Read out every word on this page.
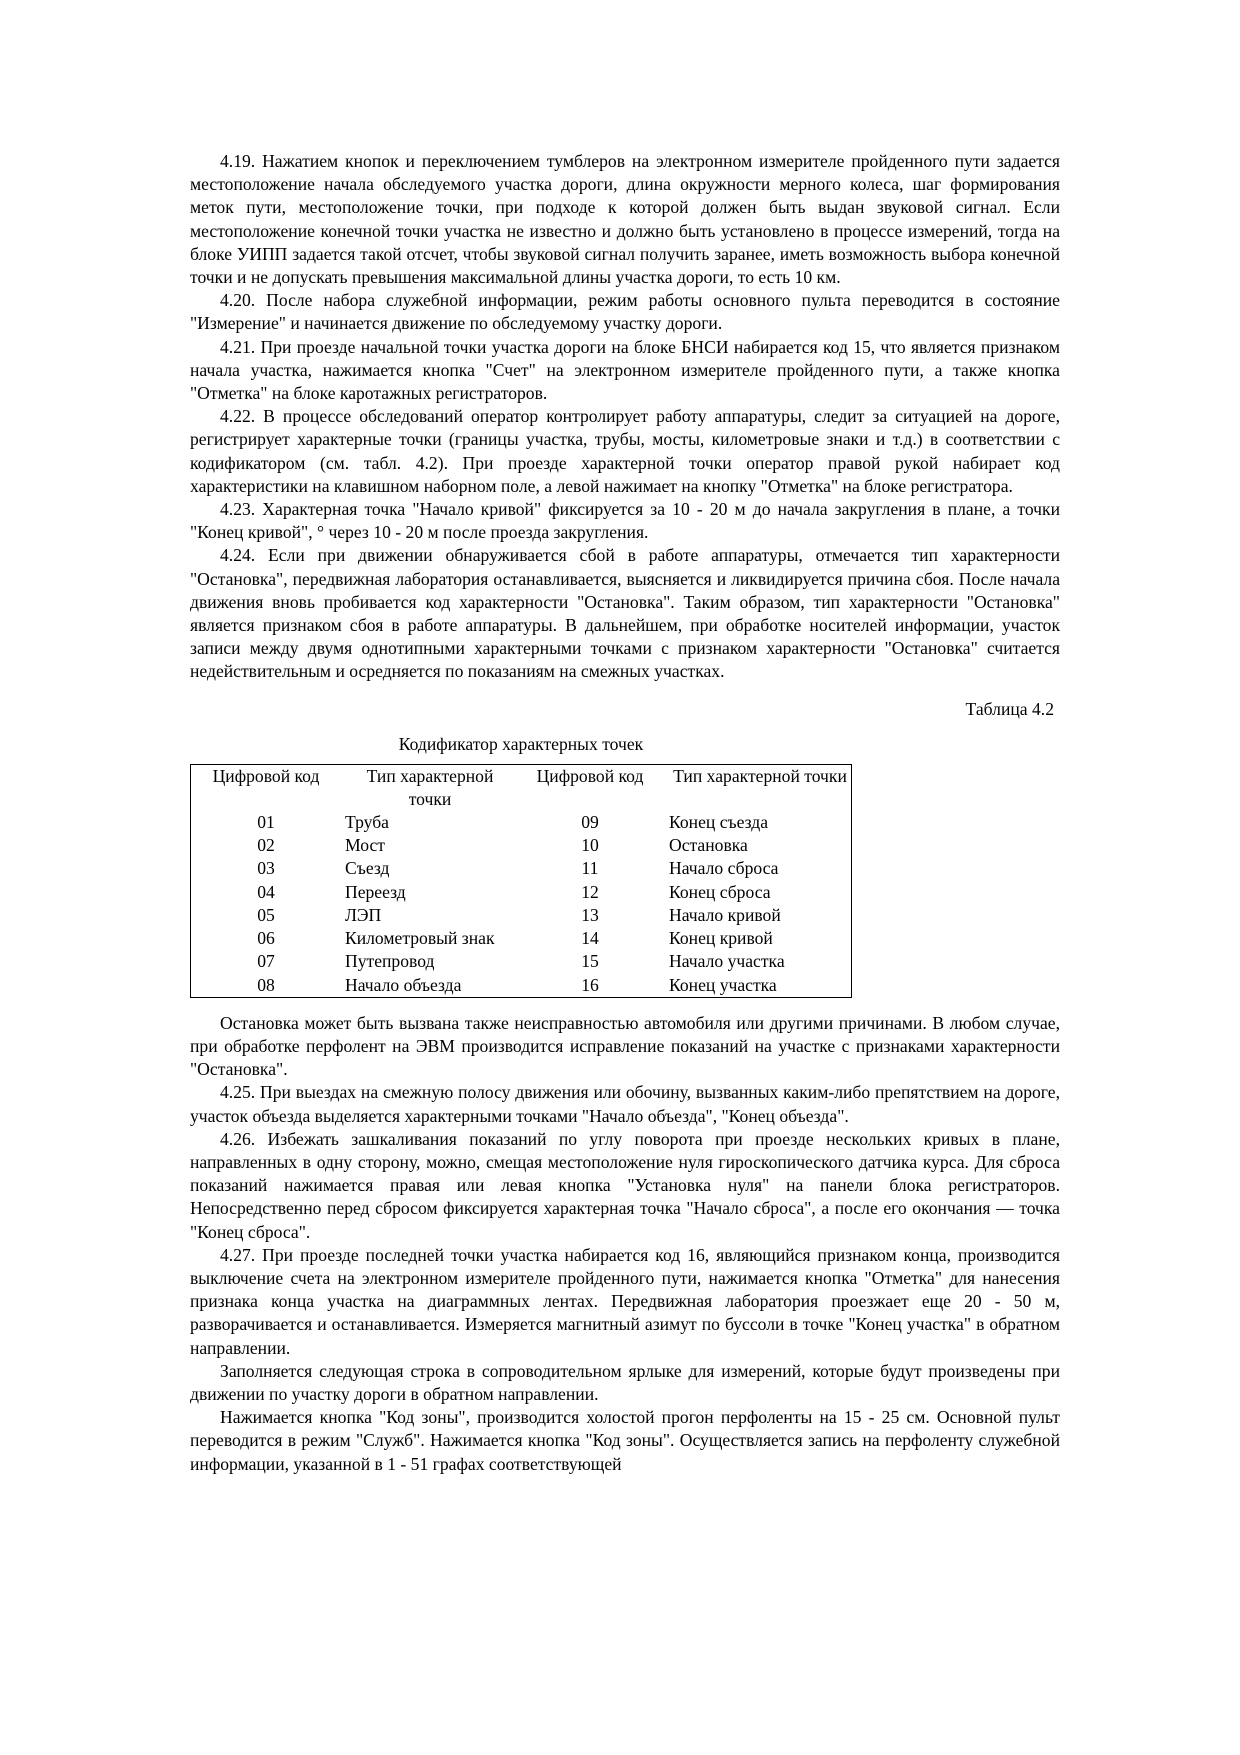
4.19. Нажатием кнопок и переключением тумблеров на электронном измерителе пройденного пути задается местоположение начала обследуемого участка дороги, длина окружности мерного колеса, шаг формирования меток пути, местоположение точки, при подходе к которой должен быть выдан звуковой сигнал. Если местоположение конечной точки участка не известно и должно быть установлено в процессе измерений, тогда на блоке УИПП задается такой отсчет, чтобы звуковой сигнал получить заранее, иметь возможность выбора конечной точки и не допускать превышения максимальной длины участка дороги, то есть 10 км.

4.20. После набора служебной информации, режим работы основного пульта переводится в состояние "Измерение" и начинается движение по обследуемому участку дороги.

4.21. При проезде начальной точки участка дороги на блоке БНСИ набирается код 15, что является признаком начала участка, нажимается кнопка "Счет" на электронном измерителе пройденного пути, а также кнопка "Отметка" на блоке каротажных регистраторов.

4.22. В процессе обследований оператор контролирует работу аппаратуры, следит за ситуацией на дороге, регистрирует характерные точки (границы участка, трубы, мосты, километровые знаки и т.д.) в соответствии с кодификатором (см. табл. 4.2). При проезде характерной точки оператор правой рукой набирает код характеристики на клавишном наборном поле, а левой нажимает на кнопку "Отметка" на блоке регистратора.

4.23. Характерная точка "Начало кривой" фиксируется за 10 - 20 м до начала закругления в плане, а точки "Конец кривой", ° через 10 - 20 м после проезда закругления.

4.24. Если при движении обнаруживается сбой в работе аппаратуры, отмечается тип характерности "Остановка", передвижная лаборатория останавливается, выясняется и ликвидируется причина сбоя. После начала движения вновь пробивается код характерности "Остановка". Таким образом, тип характерности "Остановка" является признаком сбоя в работе аппаратуры. В дальнейшем, при обработке носителей информации, участок записи между двумя однотипными характерными точками с признаком характерности "Остановка" считается недействительным и осредняется по показаниям на смежных участках.

Таблица 4.2
Кодификатор характерных точек
Цифровой код	Тип характерной точки	Цифровой код	Тип характерной точки
01	Труба	09	Конец съезда
02	Мост	10	Остановка
03	Съезд	11	Начало сброса
04	Переезд	12	Конец сброса
05	ЛЭП	13	Начало кривой
06	Километровый знак	14	Конец кривой
07	Путепровод	15	Начало участка
08	Начало объезда	16	Конец участка

Остановка может быть вызвана также неисправностью автомобиля или другими причинами. В любом случае, при обработке перфолент на ЭВМ производится исправление показаний на участке с признаками характерности "Остановка".

4.25. При выездах на смежную полосу движения или обочину, вызванных каким-либо препятствием на дороге, участок объезда выделяется характерными точками "Начало объезда", "Конец объезда".

4.26. Избежать зашкаливания показаний по углу поворота при проезде нескольких кривых в плане, направленных в одну сторону, можно, смещая местоположение нуля гироскопического датчика курса. Для сброса показаний нажимается правая или левая кнопка "Установка нуля" на панели блока регистраторов. Непосредственно перед сбросом фиксируется характерная точка "Начало сброса", а после его окончания — точка "Конец сброса".

4.27. При проезде последней точки участка набирается код 16, являющийся признаком конца, производится выключение счета на электронном измерителе пройденного пути, нажимается кнопка "Отметка" для нанесения признака конца участка на диаграммных лентах. Передвижная лаборатория проезжает еще 20 - 50 м, разворачивается и останавливается. Измеряется магнитный азимут по буссоли в точке "Конец участка" в обратном направлении.

Заполняется следующая строка в сопроводительном ярлыке для измерений, которые будут произведены при движении по участку дороги в обратном направлении.

Нажимается кнопка "Код зоны", производится холостой прогон перфоленты на 15 - 25 см. Основной пульт переводится в режим "Служб". Нажимается кнопка "Код зоны". Осуществляется запись на перфоленту служебной информации, указанной в 1 - 51 графах соответствующей
